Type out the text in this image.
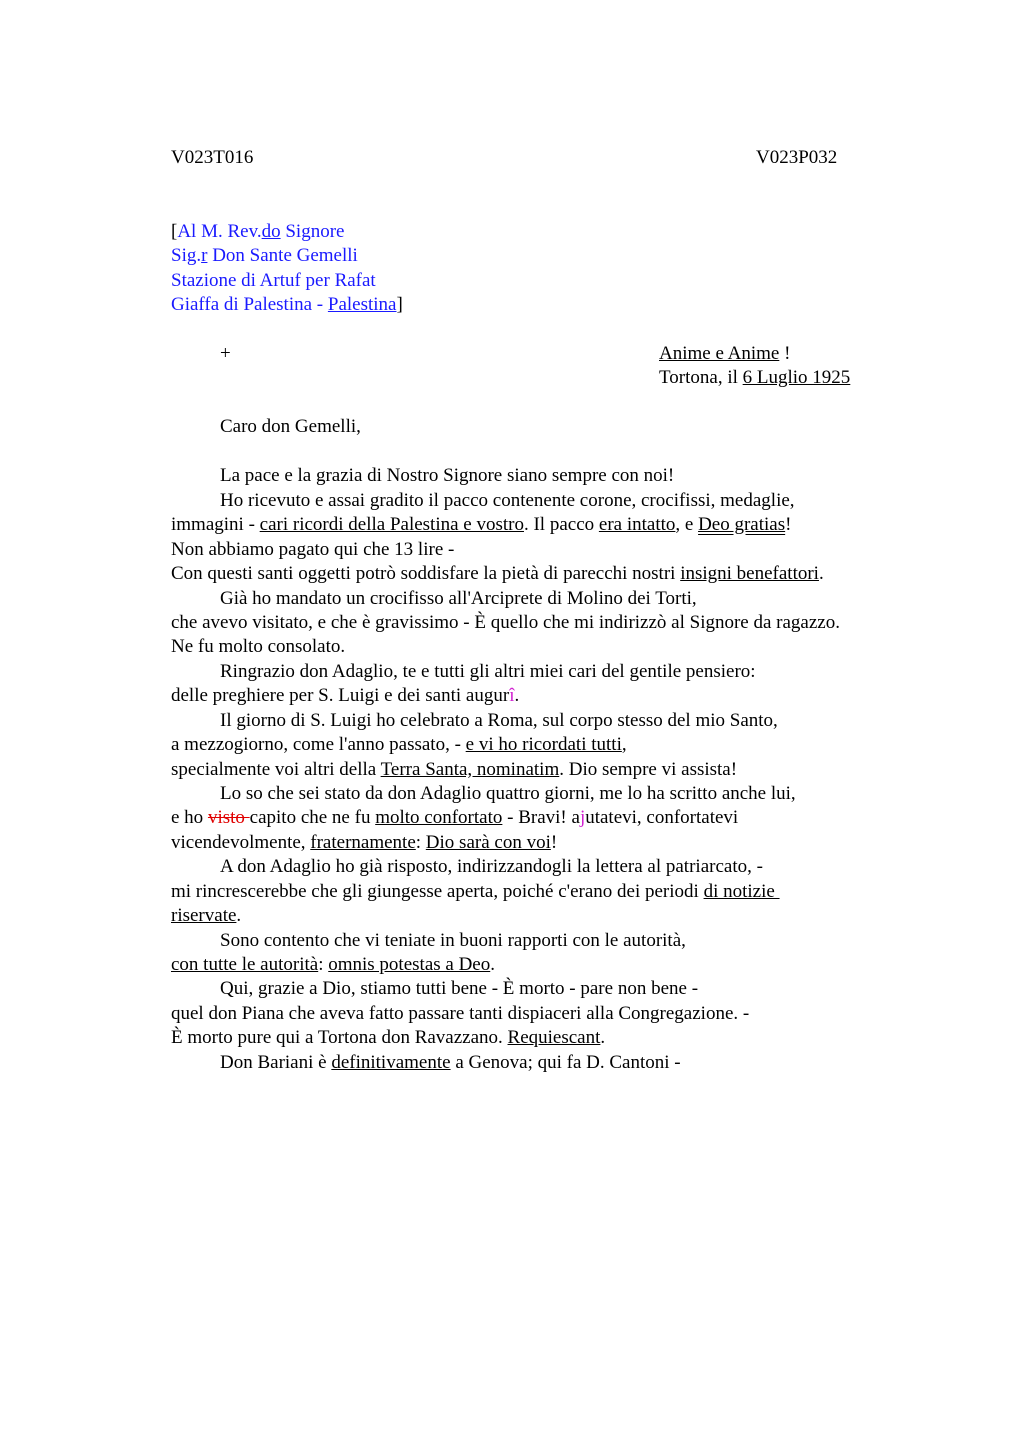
V023T016	V023P032
[Al M. Rev.do Signore
Sig.r Don Sante Gemelli
Stazione di Artuf per Rafat
Giaffa di Palestina - Palestina]
+	Anime e Anime !
Tortona, il 6 Luglio 1925
Caro don Gemelli,
La pace e la grazia di Nostro Signore siano sempre con noi!
Ho ricevuto e assai gradito il pacco contenente corone, crocifissi, medaglie,
immagini - cari ricordi della Palestina e vostro. Il pacco era intatto, e Deo gratias!
Non abbiamo pagato qui che 13 lire -
Con questi santi oggetti potrò soddisfare la pietà di parecchi nostri insigni benefattori.
Già ho mandato un crocifisso all'Arciprete di Molino dei Torti,
che avevo visitato, e che è gravissimo - È quello che mi indirizzò al Signore da ragazzo.
Ne fu molto consolato.
Ringrazio don Adaglio, te e tutti gli altri miei cari del gentile pensiero:
delle preghiere per S. Luigi e dei santi augurî.
Il giorno di S. Luigi ho celebrato a Roma, sul corpo stesso del mio Santo,
a mezzogiorno, come l'anno passato, - e vi ho ricordati tutti,
specialmente voi altri della Terra Santa, nominatim. Dio sempre vi assista!
Lo so che sei stato da don Adaglio quattro giorni, me lo ha scritto anche lui,
e ho visto capito che ne fu molto confortato - Bravi! ajutatevi, confortatevi
vicendevolmente, fraternamente: Dio sarà con voi!
A don Adaglio ho già risposto, indirizzandogli la lettera al patriarcato, -
mi rincrescerebbe che gli giungesse aperta, poiché c'erano dei periodi di notizie
riservate.
Sono contento che vi teniate in buoni rapporti con le autorità,
con tutte le autorità: omnis potestas a Deo.
Qui, grazie a Dio, stiamo tutti bene - È morto - pare non bene -
quel don Piana che aveva fatto passare tanti dispiaceri alla Congregazione. -
È morto pure qui a Tortona don Ravazzano. Requiescant.
Don Bariani è definitivamente a Genova; qui fa D. Cantoni -
